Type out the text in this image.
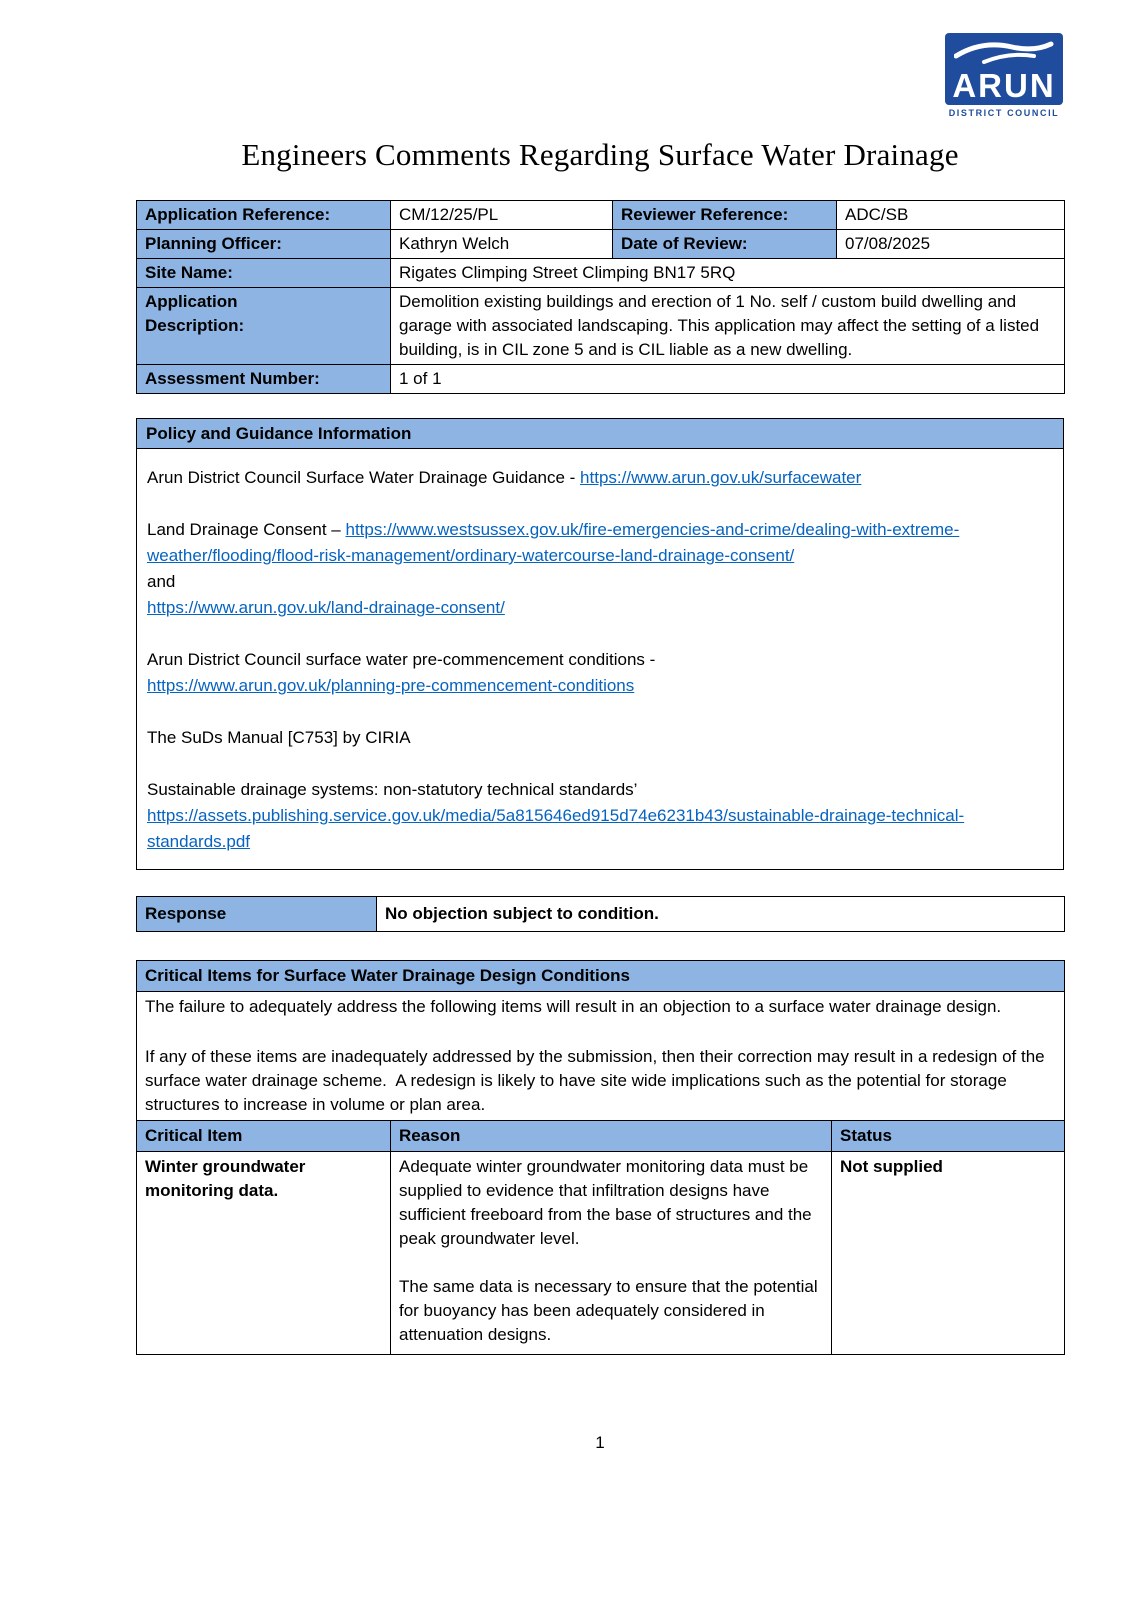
ARUN
DISTRICT COUNCIL
Engineers Comments Regarding Surface Water Drainage
Application Reference:	CM/12/25/PL	Reviewer Reference:	ADC/SB
Planning Officer:	Kathryn Welch	Date of Review:	07/08/2025
Site Name:	Rigates Climping Street Climping BN17 5RQ		
Application Description:	Demolition existing buildings and erection of 1 No. self / custom build dwelling and garage with associated landscaping. This application may affect the setting of a listed building, is in CIL zone 5 and is CIL liable as a new dwelling.		
Assessment Number:	1 of 1		
Policy and Guidance Information

Arun District Council Surface Water Drainage Guidance - https://www.arun.gov.uk/surfacewater

Land Drainage Consent – https://www.westsussex.gov.uk/fire-emergencies-and-crime/dealing-with-extreme-weather/flooding/flood-risk-management/ordinary-watercourse-land-drainage-consent/
and
https://www.arun.gov.uk/land-drainage-consent/

Arun District Council surface water pre-commencement conditions -
https://www.arun.gov.uk/planning-pre-commencement-conditions

The SuDs Manual [C753] by CIRIA

Sustainable drainage systems: non-statutory technical standards’
https://assets.publishing.service.gov.uk/media/5a815646ed915d74e6231b43/sustainable-drainage-technical-standards.pdf

Response	No objection subject to condition.
Critical Items for Surface Water Drainage Design Conditions		

The failure to adequately address the following items will result in an objection to a surface water drainage design.

If any of these items are inadequately addressed by the submission, then their correction may result in a redesign of the surface water drainage scheme.  A redesign is likely to have site wide implications such as the potential for storage structures to increase in volume or plan area.		

Critical Item	Reason	Status
Winter groundwater monitoring data.	Adequate winter groundwater monitoring data must be supplied to evidence that infiltration designs have sufficient freeboard from the base of structures and the peak groundwater level.

The same data is necessary to ensure that the potential for buoyancy has been adequately considered in attenuation designs.	Not supplied
1
